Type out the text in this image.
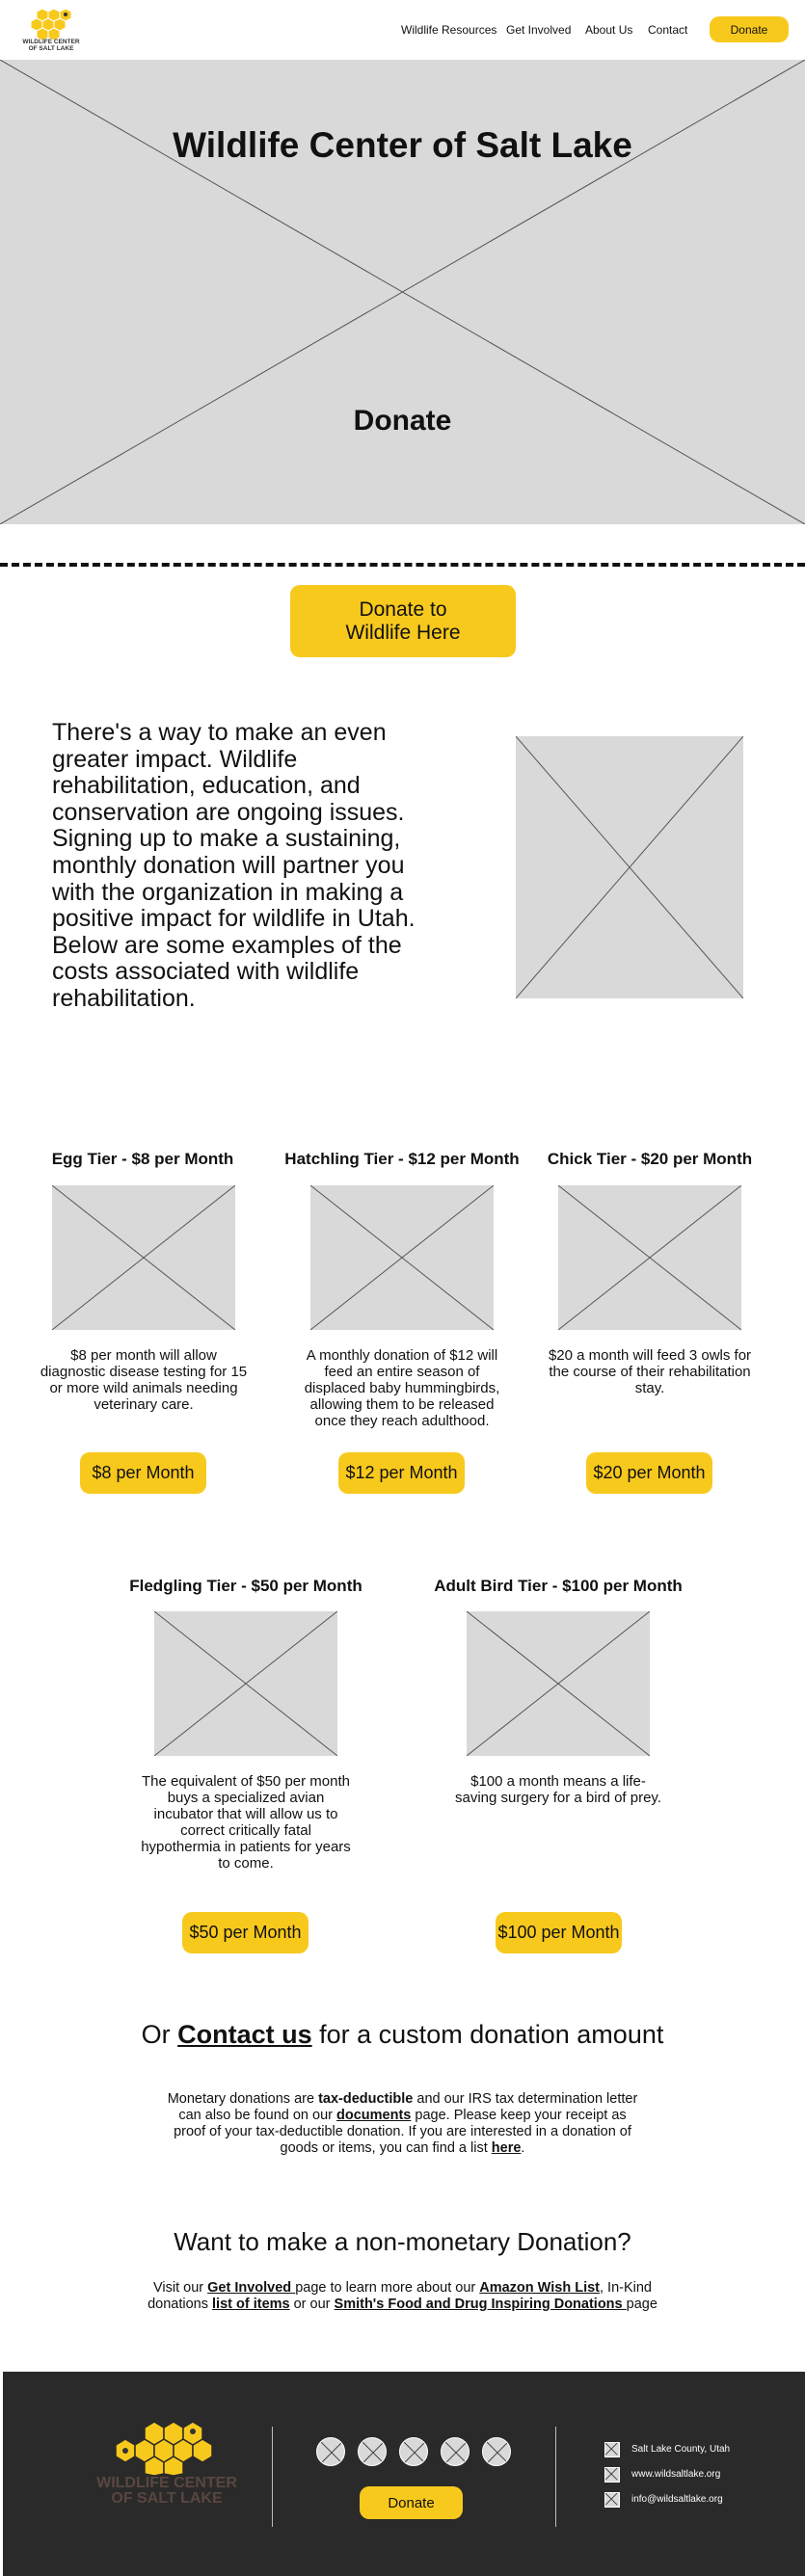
WILDLIFE CENTER OF SALT LAKE
Wildlife Resources Get Involved About Us Contact	Donate
Wildlife Center of Salt Lake
Donate
Donate to
Wildlife Here
There's a way to make an even greater impact. Wildlife rehabilitation, education, and conservation are ongoing issues. Signing up to make a sustaining, monthly donation will partner you with the organization in making a positive impact for wildlife in Utah. Below are some examples of the costs associated with wildlife rehabilitation.
Egg Tier - $8 per Month
$8 per month will allow diagnostic disease testing for 15 or more wild animals needing veterinary care.
$8 per Month
Hatchling Tier - $12 per Month
A monthly donation of $12 will feed an entire season of displaced baby hummingbirds, allowing them to be released once they reach adulthood.
$12 per Month
Chick Tier - $20 per Month
$20 a month will feed 3 owls for the course of their rehabilitation stay.
$20 per Month
Fledgling Tier - $50 per Month
The equivalent of $50 per month buys a specialized avian incubator that will allow us to correct critically fatal hypothermia in patients for years to come.
$50 per Month
Adult Bird Tier - $100 per Month
$100 a month means a life-saving surgery for a bird of prey.
$100 per Month
Or Contact us for a custom donation amount
Monetary donations are tax-deductible and our IRS tax determination letter can also be found on our documents page. Please keep your receipt as proof of your tax-deductible donation. If you are interested in a donation of goods or items, you can find a list here.
Want to make a non-monetary Donation?
Visit our Get Involved page to learn more about our Amazon Wish List, In-Kind donations list of items or our Smith's Food and Drug Inspiring Donations page
WILDLIFE CENTER
OF SALT LAKE	Donate
Salt Lake County, Utah
www.wildsaltlake.org
info@wildsaltlake.org
